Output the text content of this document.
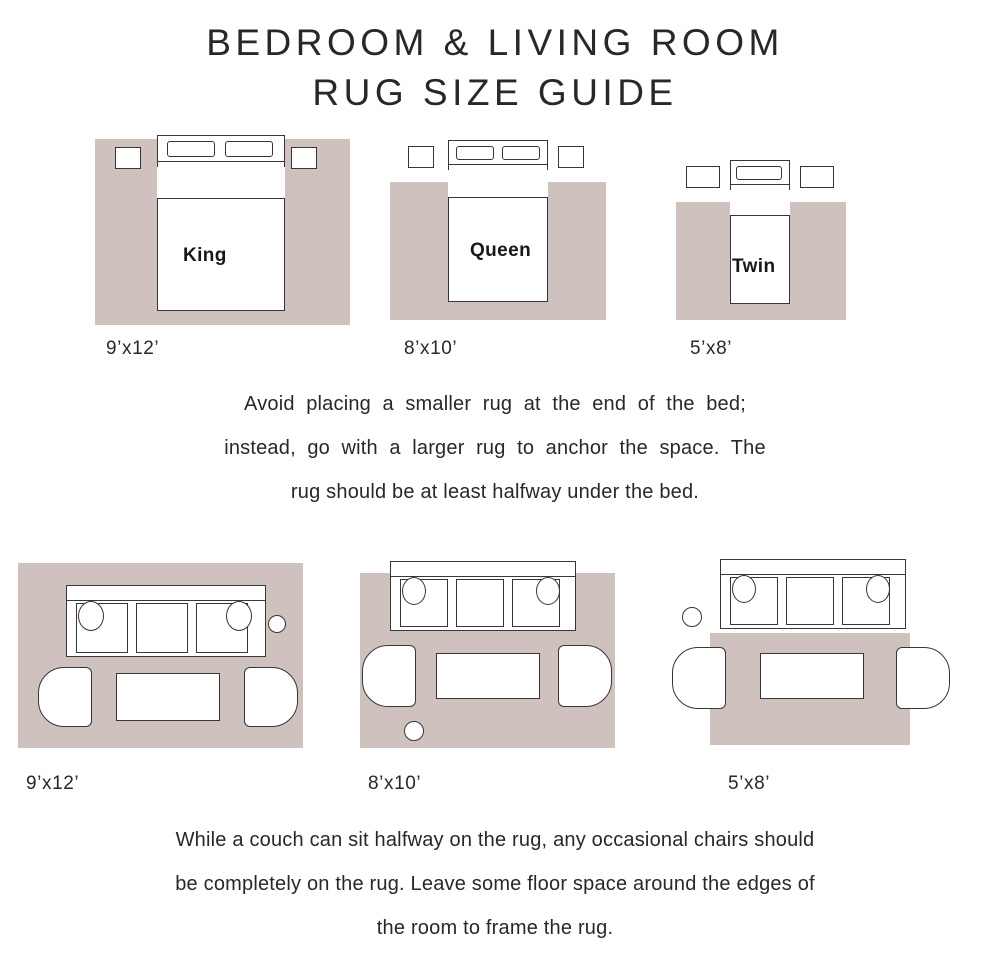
BEDROOM & LIVING ROOM
RUG SIZE GUIDE
King
9’x12’
Queen
8’x10’
Twin
5’x8’
Avoid  placing  a  smaller  rug  at  the  end  of  the  bed;
instead,  go  with  a  larger  rug  to  anchor  the  space.  The
rug should be at least halfway under the bed.
9’x12’	8’x10’	5’x8’
While a couch can sit halfway on the rug, any occasional chairs should
be completely on the rug. Leave some floor space around the edges of
the room to frame the rug.
